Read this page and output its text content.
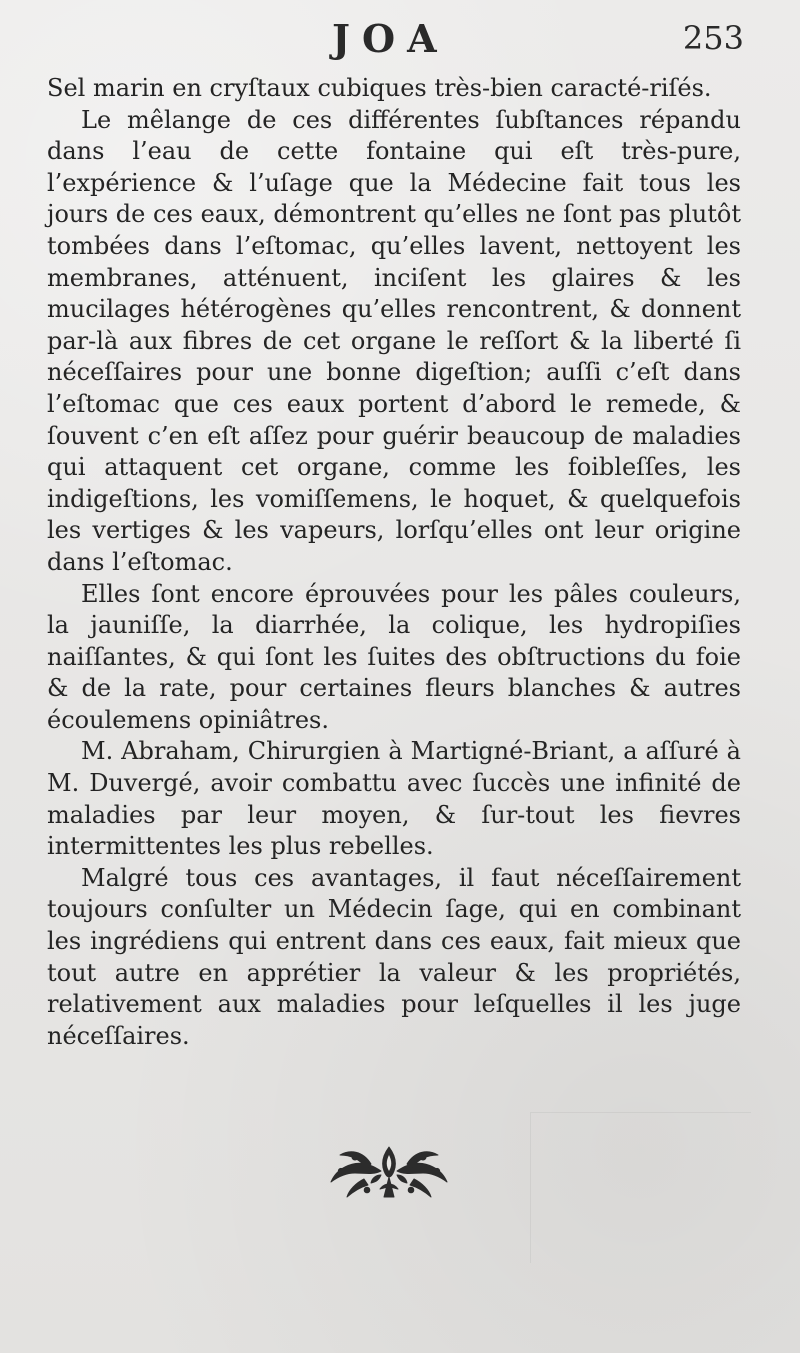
JOA	253

Sel marin en cryſtaux cubiques très-bien caracté-riſés.

Le mêlange de ces différentes ſubſtances répandu dans l’eau de cette fontaine qui eſt très-pure, l’expérience & l’uſage que la Médecine fait tous les jours de ces eaux, démontrent qu’elles ne ſont pas plutôt tombées dans l’eſtomac, qu’elles lavent, nettoyent les membranes, atténuent, inciſent les glaires & les mucilages hétérogènes qu’elles rencontrent, & donnent par-là aux fibres de cet organe le reſſort & la liberté ſi néceſſaires pour une bonne digeſtion; auſſi c’eſt dans l’eſtomac que ces eaux portent d’abord le remede, & ſouvent c’en eſt aſſez pour guérir beaucoup de maladies qui attaquent cet organe, comme les foibleſſes, les indigeſtions, les vomiſſemens, le hoquet, & quelquefois les vertiges & les vapeurs, lorſqu’elles ont leur origine dans l’eſtomac.

Elles ſont encore éprouvées pour les pâles couleurs, la jauniſſe, la diarrhée, la colique, les hydropiſies naiſſantes, & qui ſont les ſuites des obſtructions du foie & de la rate, pour certaines fleurs blanches & autres écoulemens opiniâtres.

M. Abraham, Chirurgien à Martigné-Briant, a aſſuré à M. Duvergé, avoir combattu avec ſuccès une infinité de maladies par leur moyen, & ſur-tout les fievres intermittentes les plus rebelles.

Malgré tous ces avantages, il faut néceſſairement toujours conſulter un Médecin ſage, qui en combinant les ingrédiens qui entrent dans ces eaux, fait mieux que tout autre en apprétier la valeur & les propriétés, relativement aux maladies pour leſquelles il les juge néceſſaires.
